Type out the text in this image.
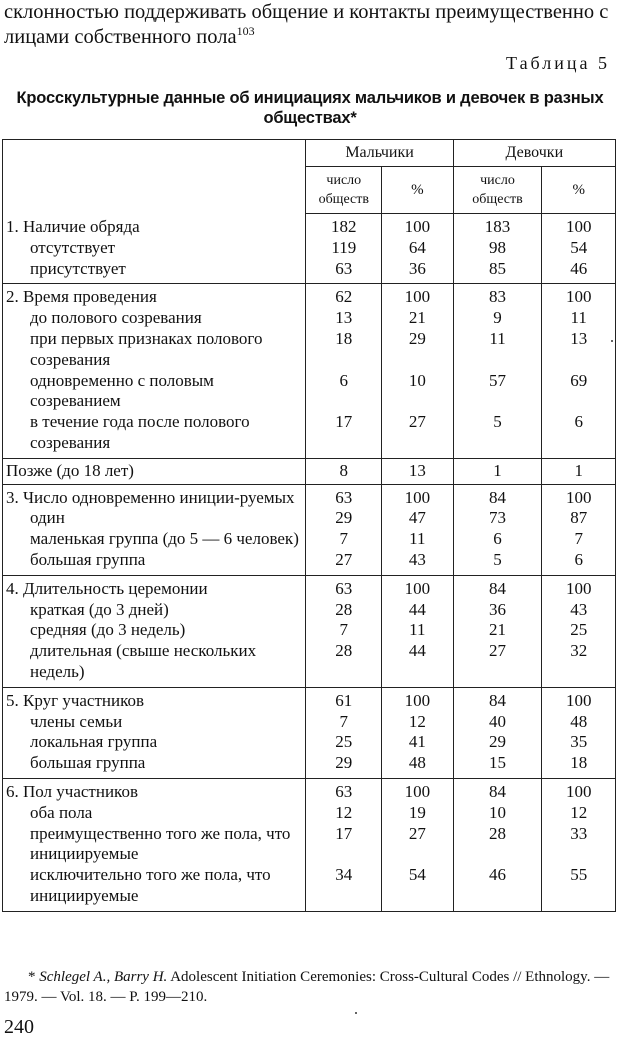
склонностью поддерживать общение и контакты преимущественно с лицами собственного пола$^{103}$
Таблица 5
Кросскультурные данные об инициациях мальчиков и девочек в разных
обществах*
	Мальчики		Девочки	
	число
обществ	%	число
обществ	%

1. Наличие обряда	182	100	183	100

отсутствует	119	64	98	54

присутствует	63	36	85	46

2. Время проведения	62	100	83	100

до полового созревания	13	21	9	11

при первых признаках полового созревания	18	29	11	13

одновременно с половым созреванием	6	10	57	69

в течение года после полового созревания	17	27	5	6

Позже (до 18 лет)	8	13	1	1

3. Число одновременно иниции-руемых	63	100	84	100

один	29	47	73	87

маленькая группа (до 5 — 6 человек)	7	11	6	7

большая группа	27	43	5	6

4. Длительность церемонии	63	100	84	100

краткая (до 3 дней)	28	44	36	43

средняя (до 3 недель)	7	11	21	25

длительная (свыше нескольких недель)	28	44	27	32

5. Круг участников	61	100	84	100

члены семьи	7	12	40	48

локальная группа	25	41	29	35

большая группа	29	48	15	18

6. Пол участников	63	100	84	100

оба пола	12	19	10	12

преимущественно того же пола, что инициируемые	17	27	28	33

исключительно того же пола, что инициируемые	34	54	46	55
* Schlegel A., Barry H. Adolescent Initiation Ceremonies: Cross-Cultural Codes // Ethnology. — 1979. — Vol. 18. — P. 199—210.
240
